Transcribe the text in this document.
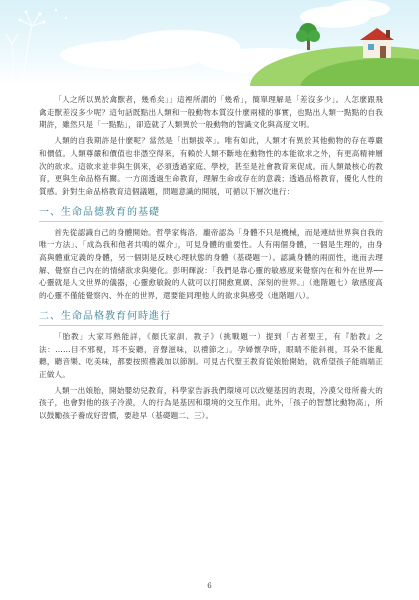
「人之所以異於禽獸者，幾希矣」」這裡所謂的「幾希」，簡單理解是「差沒多少」。人怎麼跟飛禽走獸差沒多少呢？這句話既點出人類和一般動物本質沒什麼兩樣的事實，也點出人類一點點的自我期許，雖然只是「一點點」，卻造就了人類異於一般動物的智識文化與高度文明。

人類的自我期許是什麼呢？當然是「出類拔萃」。唯有如此，人類才有異於其他動物的存在尊嚴和價值。人類尊嚴和價值也非憑空得來，有賴於人類不斷地在動物性的本能欲求之外，有更高精神層次的欲求。這欲求並非與生俱來，必須透過家庭、學校，甚至是社會教育來促成。而人類最核心的教育，更與生命品格有關。一方面透過生命教育，理解生命或存在的意義；透過品格教育，優化人性的質感。針對生命品格教育這個議題，問題意識的開展，可循以下層次進行：

一、生命品德教育的基礎

首先從認識自己的身體開始。哲學家梅洛．龐帝認為「身體不只是機械，而是連結世界與自我的唯一方法」、「成為我和他者共鳴的媒介」，可見身體的重要性。人有兩個身體，一個是生理的，由身高與體重定義的身體，另一個則是反映心理狀態的身體（基礎題一）。認識身體的兩面性，進而去理解、覺察自己內在的情緒欲求與變化。彭明輝說：「我們是靠心靈的敏感度來覺察內在和外在世界──心靈就是人文世界的儀器，心靈愈敏銳的人就可以打開愈寬廣、深刻的世界。」（進階題七）敏感度高的心靈不僅能覺察內、外在的世界，還要能同理他人的欲求與感受（進階題八）。

二、生命品格教育何時進行

「胎教」大家耳熟能詳，《顏氏家訓．教子》（挑戰題一）提到「古者聖王，有『胎教』之法：……目不邪視，耳不妄聽，音聲滋味，以禮節之」。孕婦懷孕時，眼睛不能斜視，耳朵不能亂聽，聽音樂、吃美味，都要按照禮義加以節制。可見古代聖王教育從娘胎開始，就希望孩子能端端正正做人。

人類一出娘胎，開始嬰幼兒教育，科學家告訴我們環境可以改變基因的表現，冷漠父母所養大的孩子，也會對他的孩子冷漠，人的行為是基因和環境的交互作用。此外，「孩子的智慧比動物高」，所以鼓勵孩子養成好習慣，要趁早（基礎題二、三）。

6
